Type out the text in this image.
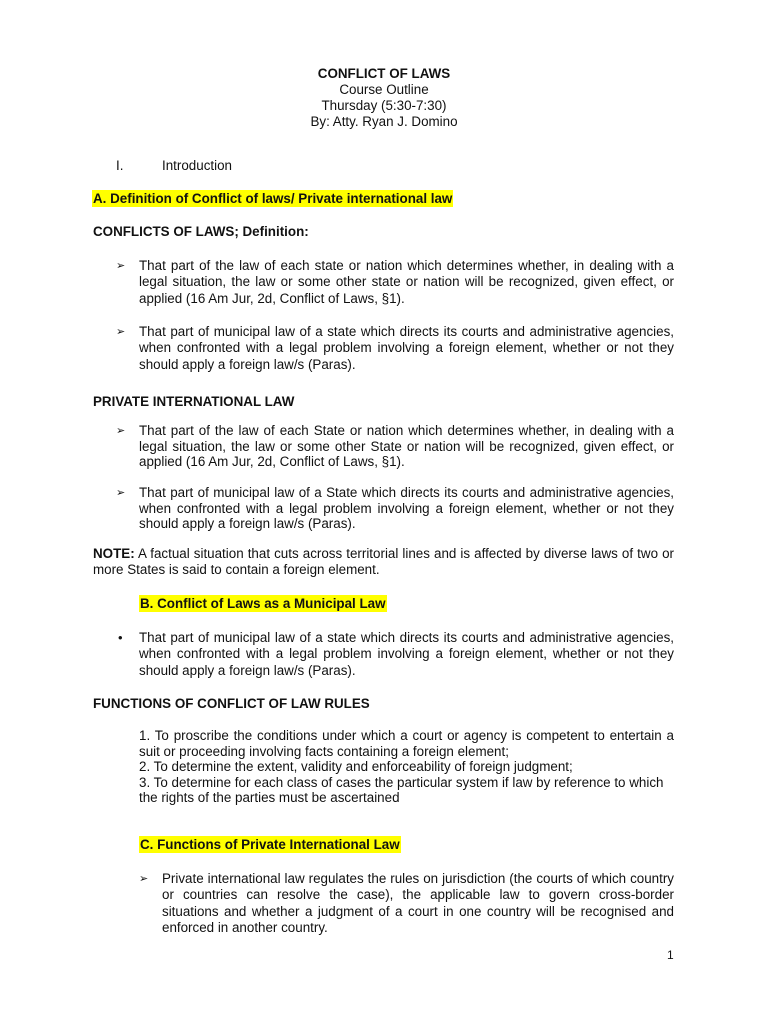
CONFLICT OF LAWS
Course Outline
Thursday (5:30-7:30)
By: Atty. Ryan J. Domino
I.	Introduction
A. Definition of Conflict of laws/ Private international law
CONFLICTS OF LAWS; Definition:
➢ That part of the law of each state or nation which determines whether, in dealing with a legal situation, the law or some other state or nation will be recognized, given effect, or applied (16 Am Jur, 2d, Conflict of Laws, §1).
➢ That part of municipal law of a state which directs its courts and administrative agencies, when confronted with a legal problem involving a foreign element, whether or not they should apply a foreign law/s (Paras).
PRIVATE INTERNATIONAL LAW
➢ That part of the law of each State or nation which determines whether, in dealing with a legal situation, the law or some other State or nation will be recognized, given effect, or applied (16 Am Jur, 2d, Conflict of Laws, §1).
➢ That part of municipal law of a State which directs its courts and administrative agencies, when confronted with a legal problem involving a foreign element, whether or not they should apply a foreign law/s (Paras).
NOTE: A factual situation that cuts across territorial lines and is affected by diverse laws of two or more States is said to contain a foreign element.
B. Conflict of Laws as a Municipal Law
• That part of municipal law of a state which directs its courts and administrative agencies, when confronted with a legal problem involving a foreign element, whether or not they should apply a foreign law/s (Paras).
FUNCTIONS OF CONFLICT OF LAW RULES
1. To proscribe the conditions under which a court or agency is competent to entertain a suit or proceeding involving facts containing a foreign element;
2. To determine the extent, validity and enforceability of foreign judgment;
3. To determine for each class of cases the particular system if law by reference to which the rights of the parties must be ascertained
C. Functions of Private International Law
➢ Private international law regulates the rules on jurisdiction (the courts of which country or countries can resolve the case), the applicable law to govern cross-border situations and whether a judgment of a court in one country will be recognised and enforced in another country.
1
